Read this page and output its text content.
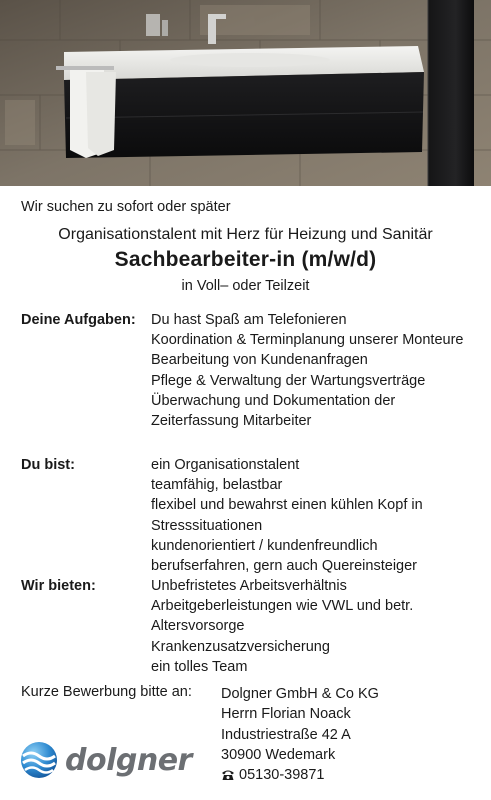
Wir suchen zu sofort oder später
Organisationstalent mit Herz für Heizung und Sanitär
Sachbearbeiter-in (m/w/d)
in Voll– oder Teilzeit
Deine Aufgaben: Du hast Spaß am Telefonieren
Koordination & Terminplanung unserer Monteure
Bearbeitung von Kundenanfragen
Pflege & Verwaltung der Wartungsverträge
Überwachung und Dokumentation der Zeiterfassung Mitarbeiter
Du bist:	ein Organisationstalent
teamfähig, belastbar
flexibel und bewahrst einen kühlen Kopf in Stresssituationen
kundenorientiert / kundenfreundlich
berufserfahren, gern auch Quereinsteiger
Wir bieten:	Unbefristetes Arbeitsverhältnis
Arbeitgeberleistungen wie VWL und betr. Altersvorsorge
Krankenzusatzversicherung
ein tolles Team
Kurze Bewerbung bitte an: Dolgner GmbH & Co KG
Herrn Florian Noack
Industriestraße 42 A
30900 Wedemark
05130-39871
dolgner
